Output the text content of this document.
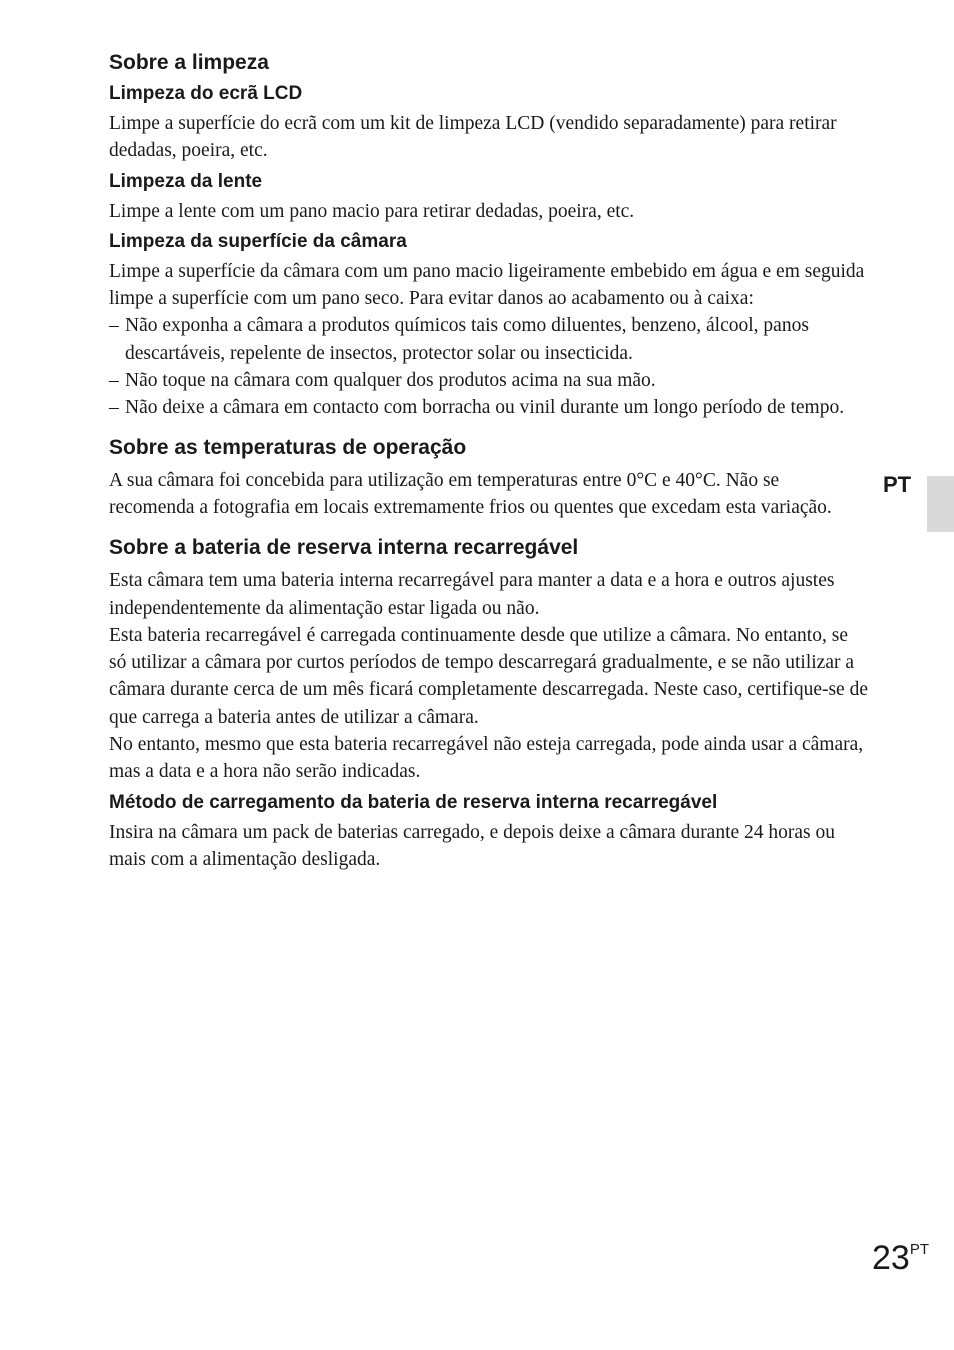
Sobre a limpeza
Limpeza do ecrã LCD

Limpe a superfície do ecrã com um kit de limpeza LCD (vendido separadamente) para retirar dedadas, poeira, etc.

Limpeza da lente

Limpe a lente com um pano macio para retirar dedadas, poeira, etc.

Limpeza da superfície da câmara

Limpe a superfície da câmara com um pano macio ligeiramente embebido em água e em seguida limpe a superfície com um pano seco. Para evitar danos ao acabamento ou à caixa:

– Não exponha a câmara a produtos químicos tais como diluentes, benzeno, álcool, panos descartáveis, repelente de insectos, protector solar ou insecticida.
– Não toque na câmara com qualquer dos produtos acima na sua mão.
– Não deixe a câmara em contacto com borracha ou vinil durante um longo período de tempo.
Sobre as temperaturas de operação

A sua câmara foi concebida para utilização em temperaturas entre 0°C e 40°C. Não se recomenda a fotografia em locais extremamente frios ou quentes que excedam esta variação.

Sobre a bateria de reserva interna recarregável

Esta câmara tem uma bateria interna recarregável para manter a data e a hora e outros ajustes independentemente da alimentação estar ligada ou não.

Esta bateria recarregável é carregada continuamente desde que utilize a câmara. No entanto, se só utilizar a câmara por curtos períodos de tempo descarregará gradualmente, e se não utilizar a câmara durante cerca de um mês ficará completamente descarregada. Neste caso, certifique-se de que carrega a bateria antes de utilizar a câmara.

No entanto, mesmo que esta bateria recarregável não esteja carregada, pode ainda usar a câmara, mas a data e a hora não serão indicadas.

Método de carregamento da bateria de reserva interna recarregável

Insira na câmara um pack de baterias carregado, e depois deixe a câmara durante 24 horas ou mais com a alimentação desligada.

PT
$23^{PT}$
